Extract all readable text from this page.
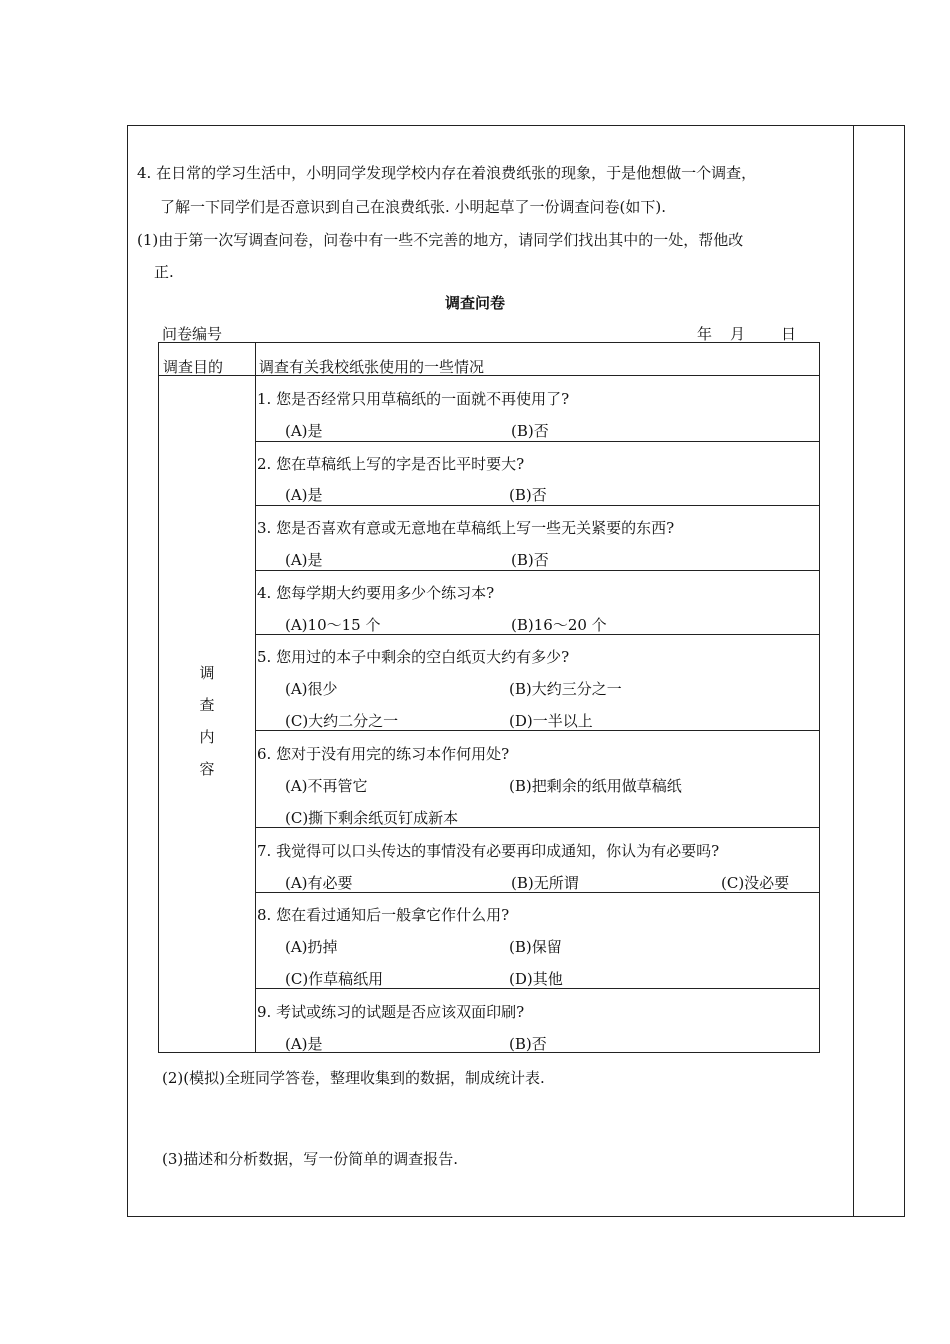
4. 在日常的学习生活中，小明同学发现学校内存在着浪费纸张的现象，于是他想做一个调查，
了解一下同学们是否意识到自己在浪费纸张. 小明起草了一份调查问卷(如下).
(1)由于第一次写调查问卷，问卷中有一些不完善的地方，请同学们找出其中的一处，帮他改
正.
调查问卷
问卷编号	年 月 日
调查目的 调查有关我校纸张使用的一些情况
调
查
内
容
1. 您是否经常只用草稿纸的一面就不再使用了?
(A)是	(B)否
2. 您在草稿纸上写的字是否比平时要大?
(A)是	(B)否
3. 您是否喜欢有意或无意地在草稿纸上写一些无关紧要的东西?
(A)是	(B)否
4. 您每学期大约要用多少个练习本?
(A)10～15 个	(B)16～20 个
5. 您用过的本子中剩余的空白纸页大约有多少?
(A)很少	(B)大约三分之一
(C)大约二分之一	(D)一半以上
6. 您对于没有用完的练习本作何用处?
(A)不再管它	(B)把剩余的纸用做草稿纸
(C)撕下剩余纸页钉成新本
7. 我觉得可以口头传达的事情没有必要再印成通知，你认为有必要吗?
(A)有必要	(B)无所谓	(C)没必要
8. 您在看过通知后一般拿它作什么用?
(A)扔掉	(B)保留
(C)作草稿纸用	(D)其他
9. 考试或练习的试题是否应该双面印刷?
(A)是	(B)否
(2)(模拟)全班同学答卷，整理收集到的数据，制成统计表.
(3)描述和分析数据，写一份简单的调查报告.
